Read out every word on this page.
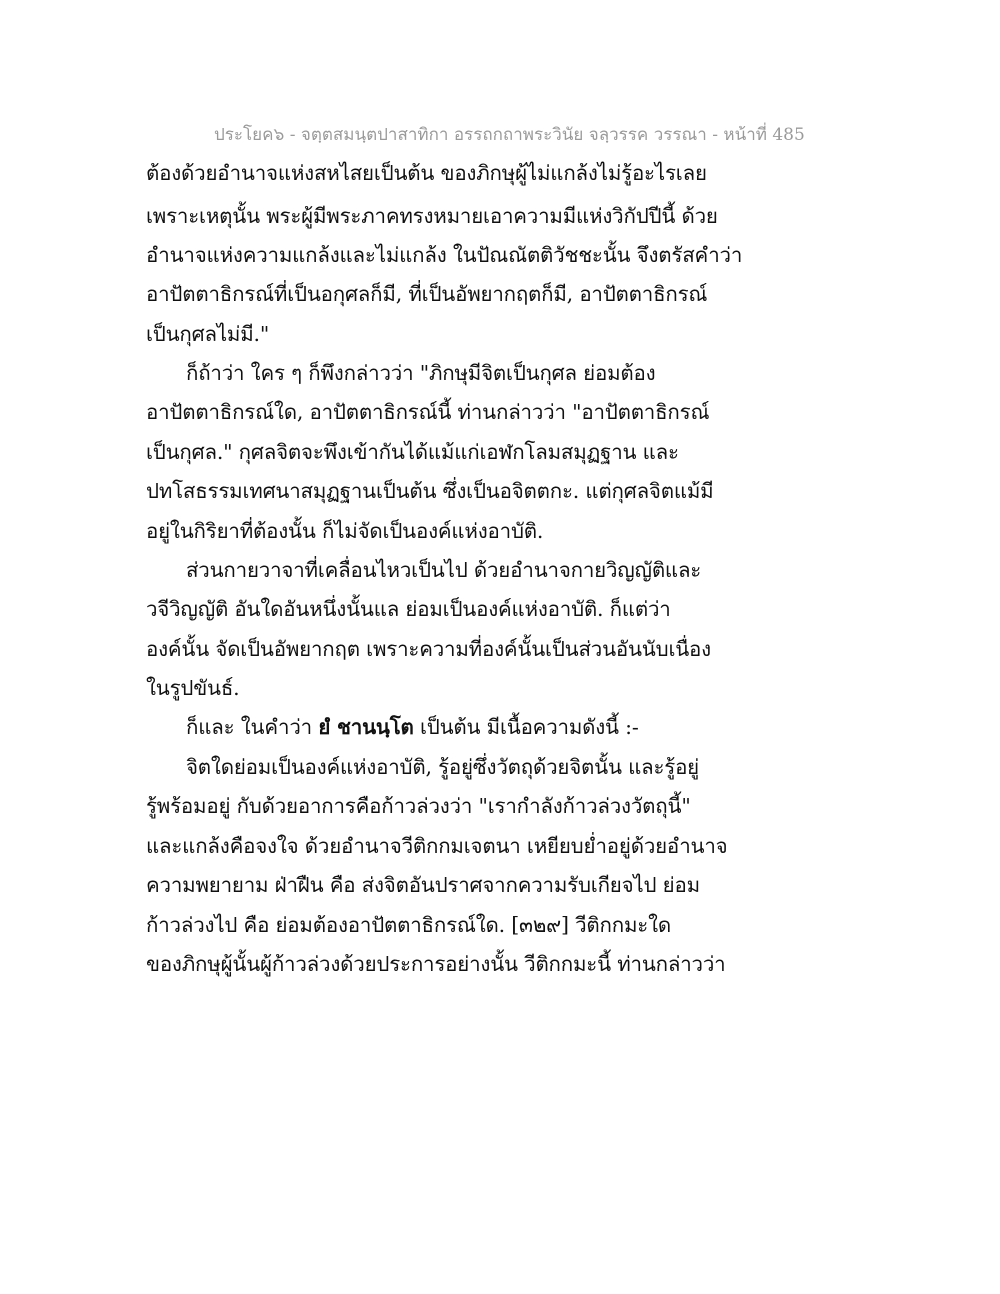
ประโยค๖ - จตฺตสมนฺตปาสาทิกา อรรถกถาพระวินัย จลฺวรรค วรรณา - หน้าที่ 485
ต้องด้วยอำนาจแห่งสหไสยเป็นต้น ของภิกษุผู้ไม่แกล้งไม่รู้อะไรเลย
เพราะเหตุนั้น พระผู้มีพระภาคทรงหมายเอาความมีแห่งวิกัปปีนี้ ด้วย
อำนาจแห่งความแกล้งและไม่แกล้ง ในปัณณัตติวัชชะนั้น จึงตรัสคำว่า
อาปัตตาธิกรณ์ที่เป็นอกุศลก็มี, ที่เป็นอัพยากฤตก็มี, อาปัตตาธิกรณ์
เป็นกุศลไม่มี."
ก็ถ้าว่า ใคร ๆ ก็พึงกล่าวว่า "ภิกษุมีจิตเป็นกุศล ย่อมต้อง
อาปัตตาธิกรณ์ใด, อาปัตตาธิกรณ์นี้ ท่านกล่าวว่า "อาปัตตาธิกรณ์
เป็นกุศล." กุศลจิตจะพึงเข้ากันได้แม้แก่เอฬกโลมสมุฏฐาน และ
ปทโสธรรมเทศนาสมุฏฐานเป็นต้น ซึ่งเป็นอจิตตกะ. แต่กุศลจิตแม้มี
อยู่ในกิริยาที่ต้องนั้น ก็ไม่จัดเป็นองค์แห่งอาบัติ.
ส่วนกายวาจาที่เคลื่อนไหวเป็นไป ด้วยอำนาจกายวิญญัติและ
วจีวิญญัติ อันใดอันหนึ่งนั้นแล ย่อมเป็นองค์แห่งอาบัติ. ก็แต่ว่า
องค์นั้น จัดเป็นอัพยากฤต เพราะความที่องค์นั้นเป็นส่วนอันนับเนื่อง
ในรูปขันธ์.
ก็และ ในคำว่า ยํ ชานนฺโต เป็นต้น มีเนื้อความดังนี้ :-
จิตใดย่อมเป็นองค์แห่งอาบัติ, รู้อยู่ซึ่งวัตถุด้วยจิตนั้น และรู้อยู่
รู้พร้อมอยู่ กับด้วยอาการคือก้าวล่วงว่า "เรากำลังก้าวล่วงวัตถุนี้"
และแกล้งคือจงใจ ด้วยอำนาจวีติกกมเจตนา เหยียบย่ำอยู่ด้วยอำนาจ
ความพยายาม ฝ่าฝืน คือ ส่งจิตอันปราศจากความรับเกียจไป ย่อม
ก้าวล่วงไป คือ ย่อมต้องอาปัตตาธิกรณ์ใด. [๓๒๙] วีติกกมะใด
ของภิกษุผู้นั้นผู้ก้าวล่วงด้วยประการอย่างนั้น วีติกกมะนี้ ท่านกล่าวว่า
